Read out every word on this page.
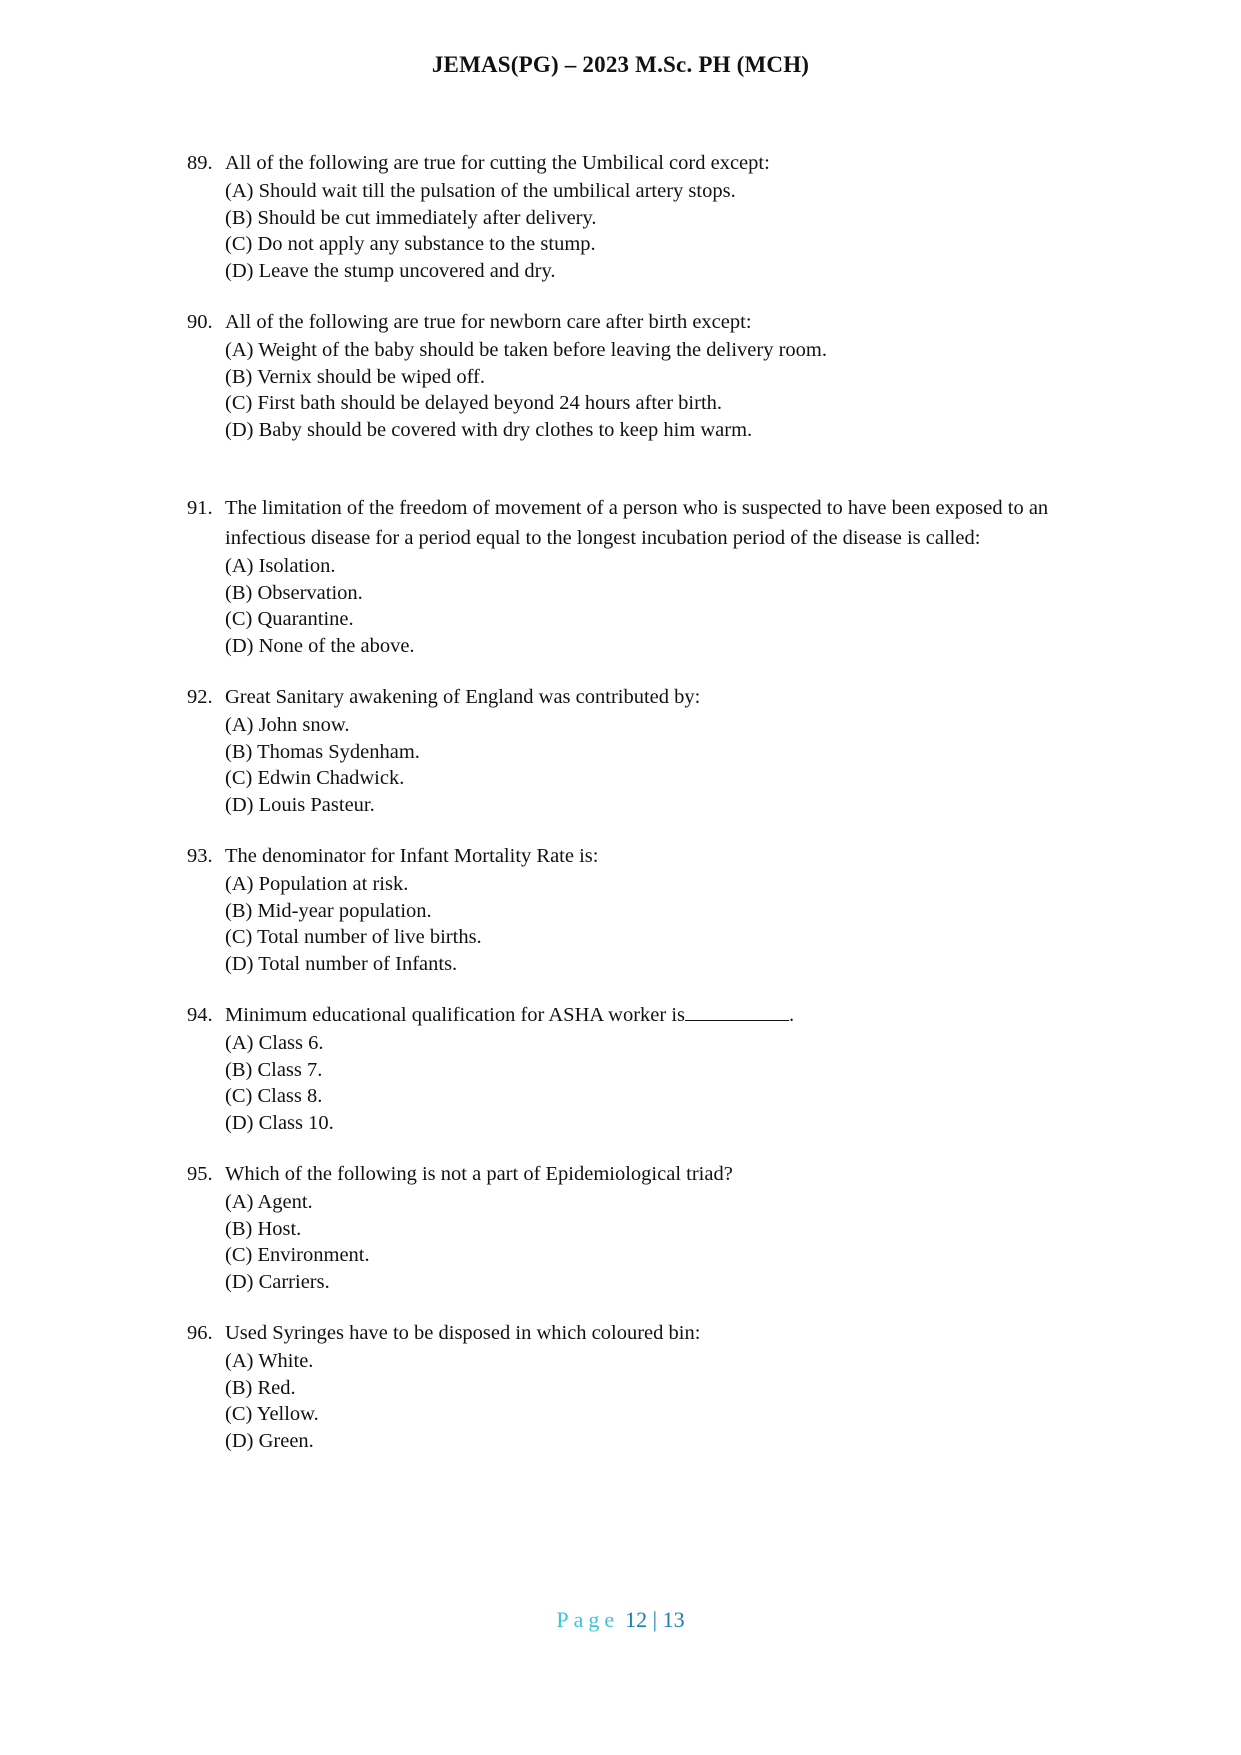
JEMAS(PG) – 2023 M.Sc. PH (MCH)
89. All of the following are true for cutting the Umbilical cord except:
(A) Should wait till the pulsation of the umbilical artery stops.
(B) Should be cut immediately after delivery.
(C) Do not apply any substance to the stump.
(D) Leave the stump uncovered and dry.
90. All of the following are true for newborn care after birth except:
(A) Weight of the baby should be taken before leaving the delivery room.
(B) Vernix should be wiped off.
(C) First bath should be delayed beyond 24 hours after birth.
(D) Baby should be covered with dry clothes to keep him warm.
91. The limitation of the freedom of movement of a person who is suspected to have been exposed to an infectious disease for a period equal to the longest incubation period of the disease is called:
(A) Isolation.
(B) Observation.
(C) Quarantine.
(D) None of the above.
92. Great Sanitary awakening of England was contributed by:
(A) John snow.
(B) Thomas Sydenham.
(C) Edwin Chadwick.
(D) Louis Pasteur.
93. The denominator for Infant Mortality Rate is:
(A) Population at risk.
(B) Mid-year population.
(C) Total number of live births.
(D) Total number of Infants.
94. Minimum educational qualification for ASHA worker is	.
(A) Class 6.
(B) Class 7.
(C) Class 8.
(D) Class 10.
95. Which of the following is not a part of Epidemiological triad?
(A) Agent.
(B) Host.
(C) Environment.
(D) Carriers.
96. Used Syringes have to be disposed in which coloured bin:
(A) White.
(B) Red.
(C) Yellow.
(D) Green.
Page 12 | 13
